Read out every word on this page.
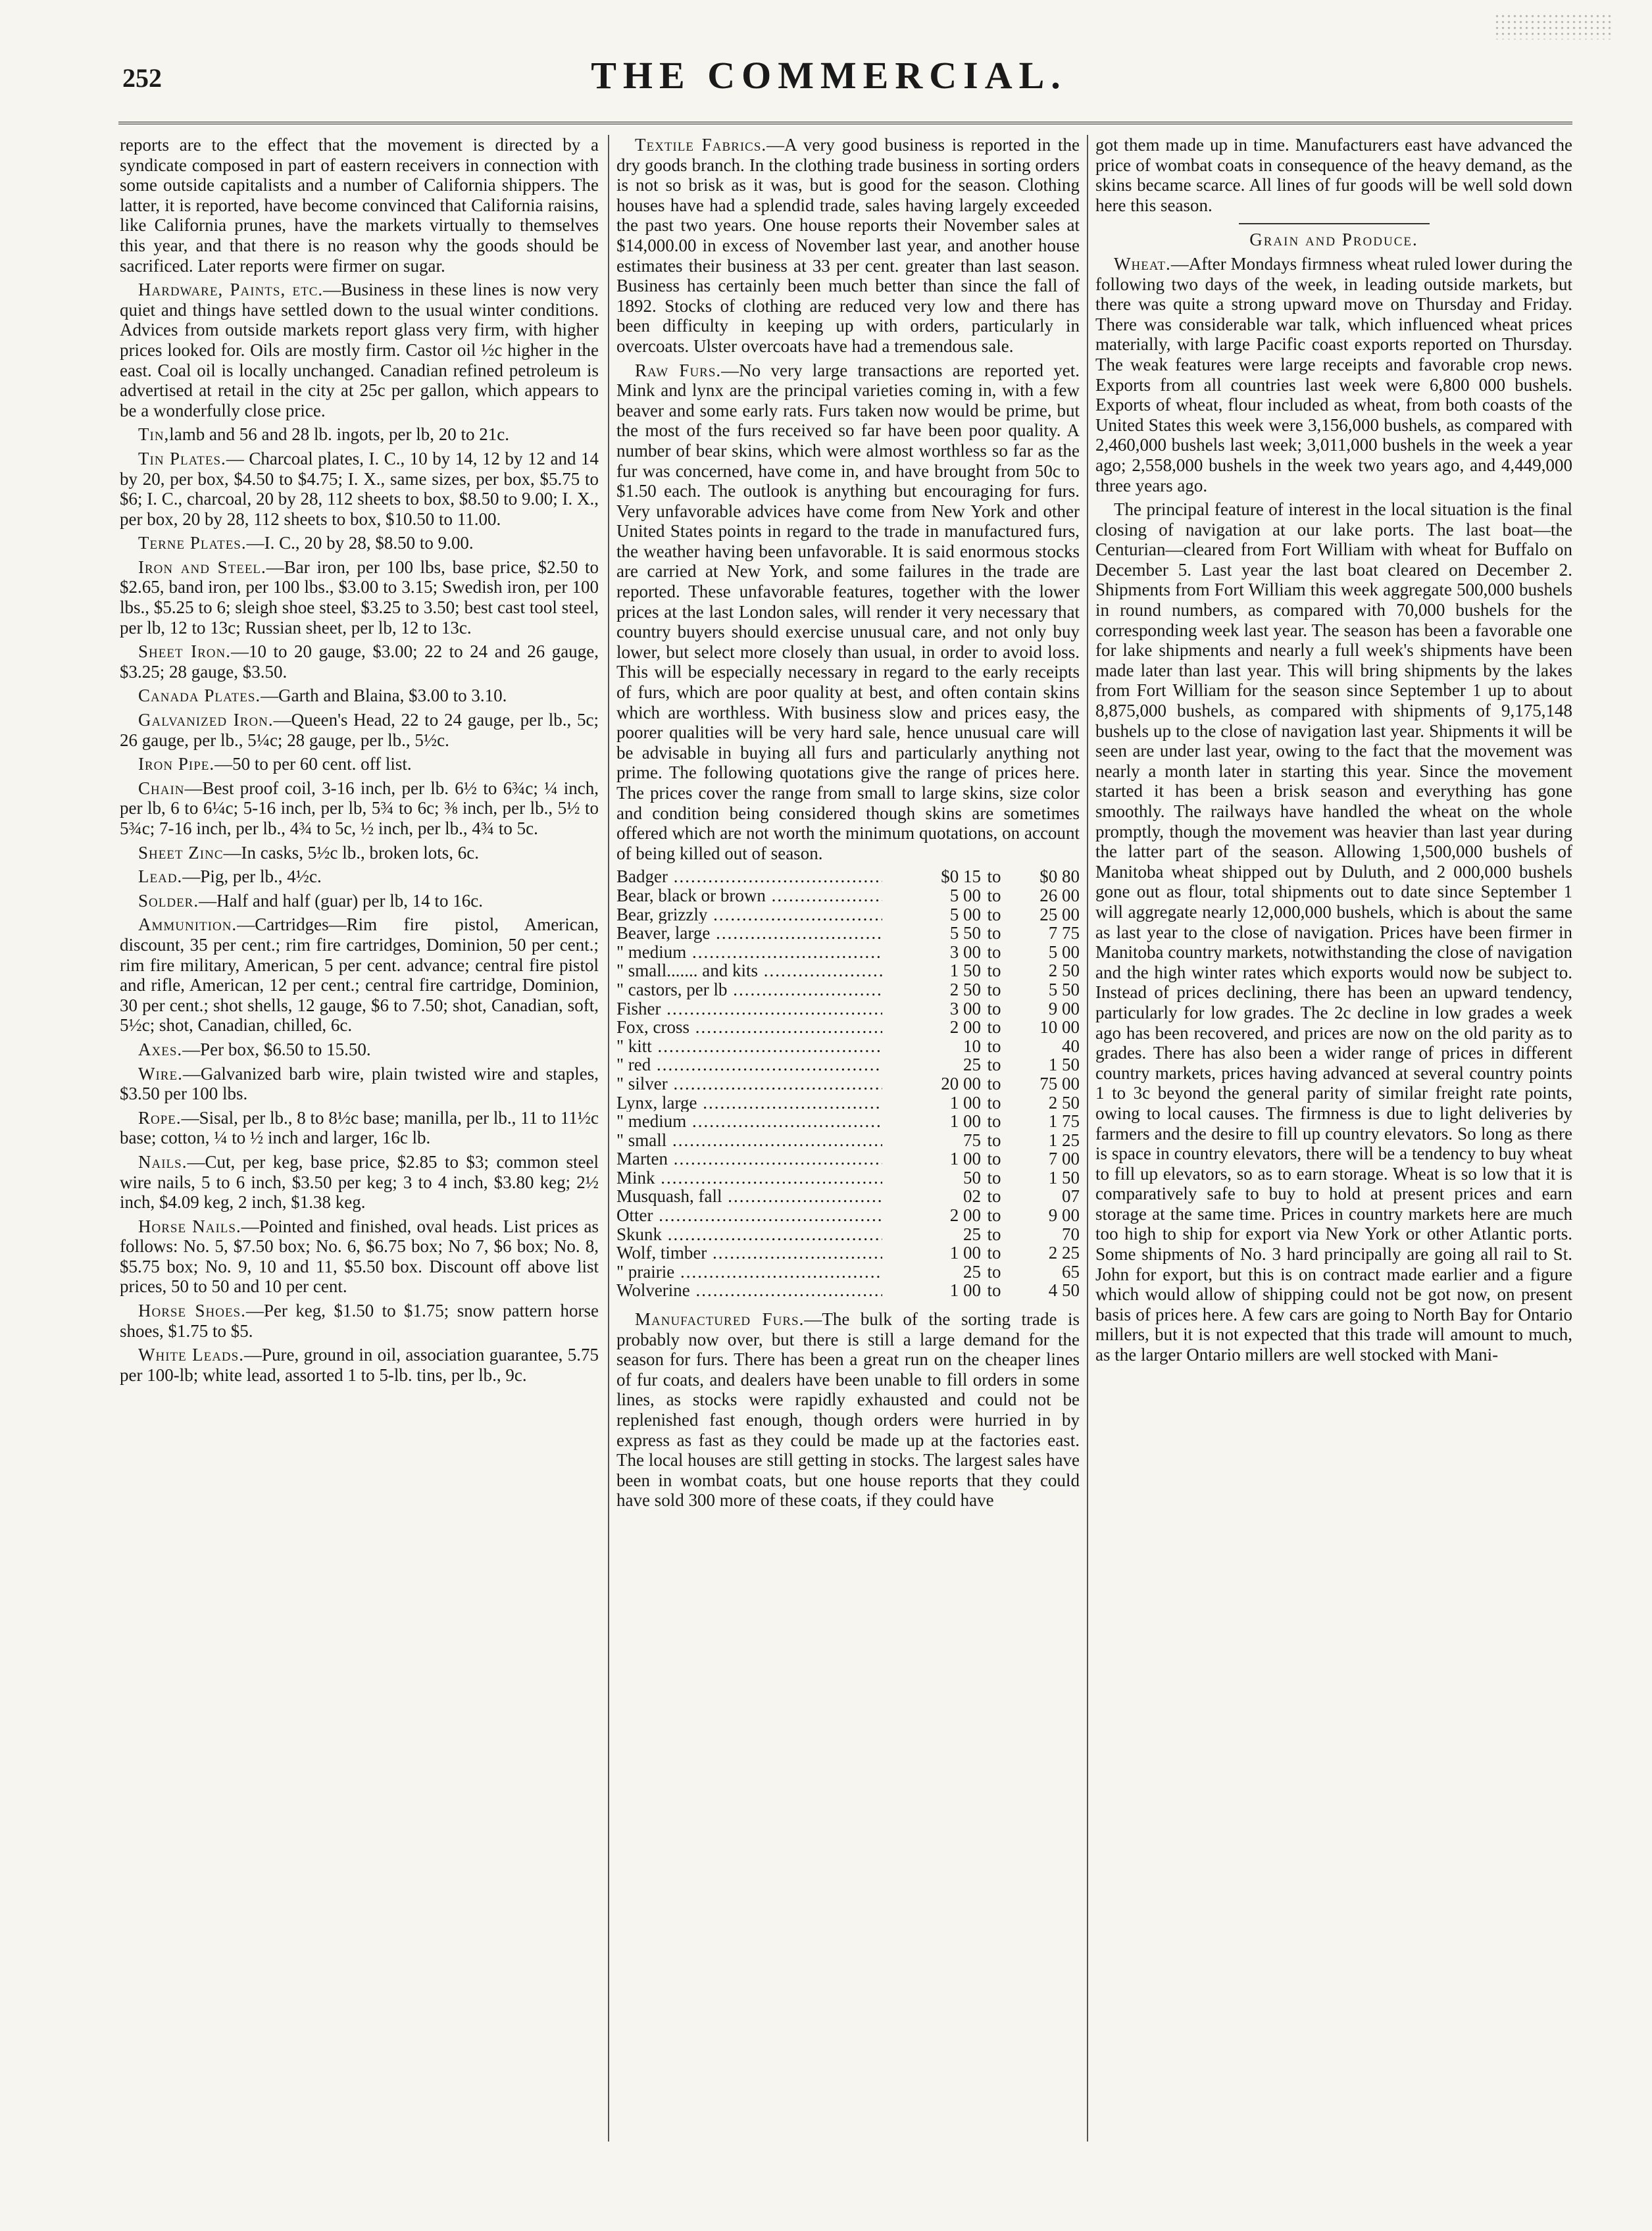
252	THE COMMERCIAL.

reports are to the effect that the movement is directed by a syndicate composed in part of eastern receivers in connection with some outside capitalists and a number of California shippers. The latter, it is reported, have become convinced that California raisins, like California prunes, have the markets virtually to themselves this year, and that there is no reason why the goods should be sacrificed. Later reports were firmer on sugar.

Hardware, Paints, etc.—Business in these lines is now very quiet and things have settled down to the usual winter conditions. Advices from outside markets report glass very firm, with higher prices looked for. Oils are mostly firm. Castor oil ½c higher in the east. Coal oil is locally unchanged. Canadian refined petroleum is advertised at retail in the city at 25c per gallon, which appears to be a wonderfully close price.

Tin,lamb and 56 and 28 lb. ingots, per lb, 20 to 21c.

Tin Plates.— Charcoal plates, I. C., 10 by 14, 12 by 12 and 14 by 20, per box, $4.50 to $4.75; I. X., same sizes, per box, $5.75 to $6; I. C., charcoal, 20 by 28, 112 sheets to box, $8.50 to 9.00; I. X., per box, 20 by 28, 112 sheets to box, $10.50 to 11.00.

Terne Plates.—I. C., 20 by 28, $8.50 to 9.00.

Iron and Steel.—Bar iron, per 100 lbs, base price, $2.50 to $2.65, band iron, per 100 lbs., $3.00 to 3.15; Swedish iron, per 100 lbs., $5.25 to 6; sleigh shoe steel, $3.25 to 3.50; best cast tool steel, per lb, 12 to 13c; Russian sheet, per lb, 12 to 13c.

Sheet Iron.—10 to 20 gauge, $3.00; 22 to 24 and 26 gauge, $3.25; 28 gauge, $3.50.

Canada Plates.—Garth and Blaina, $3.00 to 3.10.

Galvanized Iron.—Queen's Head, 22 to 24 gauge, per lb., 5c; 26 gauge, per lb., 5¼c; 28 gauge, per lb., 5½c.

Iron Pipe.—50 to per 60 cent. off list.

Chain—Best proof coil, 3-16 inch, per lb. 6½ to 6¾c; ¼ inch, per lb, 6 to 6¼c; 5-16 inch, per lb, 5¾ to 6c; ⅜ inch, per lb., 5½ to 5¾c; 7-16 inch, per lb., 4¾ to 5c, ½ inch, per lb., 4¾ to 5c.

Sheet Zinc—In casks, 5½c lb., broken lots, 6c.

Lead.—Pig, per lb., 4½c.

Solder.—Half and half (guar) per lb, 14 to 16c.

Ammunition.—Cartridges—Rim fire pistol, American, discount, 35 per cent.; rim fire cartridges, Dominion, 50 per cent.; rim fire military, American, 5 per cent. advance; central fire pistol and rifle, American, 12 per cent.; central fire cartridge, Dominion, 30 per cent.; shot shells, 12 gauge, $6 to 7.50; shot, Canadian, soft, 5½c; shot, Canadian, chilled, 6c.

Axes.—Per box, $6.50 to 15.50.

Wire.—Galvanized barb wire, plain twisted wire and staples, $3.50 per 100 lbs.

Rope.—Sisal, per lb., 8 to 8½c base; manilla, per lb., 11 to 11½c base; cotton, ¼ to ½ inch and larger, 16c lb.

Nails.—Cut, per keg, base price, $2.85 to $3; common steel wire nails, 5 to 6 inch, $3.50 per keg; 3 to 4 inch, $3.80 keg; 2½ inch, $4.09 keg, 2 inch, $1.38 keg.

Horse Nails.—Pointed and finished, oval heads. List prices as follows: No. 5, $7.50 box; No. 6, $6.75 box; No 7, $6 box; No. 8, $5.75 box; No. 9, 10 and 11, $5.50 box. Discount off above list prices, 50 to 50 and 10 per cent.

Horse Shoes.—Per keg, $1.50 to $1.75; snow pattern horse shoes, $1.75 to $5.

White Leads.—Pure, ground in oil, association guarantee, 5.75 per 100-lb; white lead, assorted 1 to 5-lb. tins, per lb., 9c.

Textile Fabrics.—A very good business is reported in the dry goods branch. In the clothing trade business in sorting orders is not so brisk as it was, but is good for the season. Clothing houses have had a splendid trade, sales having largely exceeded the past two years. One house reports their November sales at $14,000.00 in excess of November last year, and another house estimates their business at 33 per cent. greater than last season. Business has certainly been much better than since the fall of 1892. Stocks of clothing are reduced very low and there has been difficulty in keeping up with orders, particularly in overcoats. Ulster overcoats have had a tremendous sale.

Raw Furs.—No very large transactions are reported yet. Mink and lynx are the principal varieties coming in, with a few beaver and some early rats. Furs taken now would be prime, but the most of the furs received so far have been poor quality. A number of bear skins, which were almost worthless so far as the fur was concerned, have come in, and have brought from 50c to $1.50 each. The outlook is anything but encouraging for furs. Very unfavorable advices have come from New York and other United States points in regard to the trade in manufactured furs, the weather having been unfavorable. It is said enormous stocks are carried at New York, and some failures in the trade are reported. These unfavorable features, together with the lower prices at the last London sales, will render it very necessary that country buyers should exercise unusual care, and not only buy lower, but select more closely than usual, in order to avoid loss. This will be especially necessary in regard to the early receipts of furs, which are poor quality at best, and often contain skins which are worthless. With business slow and prices easy, the poorer qualities will be very hard sale, hence unusual care will be advisable in buying all furs and particularly anything not prime. The following quotations give the range of prices here. The prices cover the range from small to large skins, size color and condition being considered though skins are sometimes offered which are not worth the minimum quotations, on account of being killed out of season.

Badger .....	$0 15	to	$0 80
Bear, black or brown .....	5 00	to	26 00
Bear, grizzly .....	5 00	to	25 00
Beaver, large .....	5 50	to	7 75
" medium .....	3 00	to	5 00
" small....... and kits .....	1 50	to	2 50
" castors, per lb .....	2 50	to	5 50
Fisher .....	3 00	to	9 00
Fox, cross .....	2 00	to	10 00
" kitt .....	10	to	40
" red .....	25	to	1 50
" silver .....	20 00	to	75 00
Lynx, large .....	1 00	to	2 50
" medium .....	1 00	to	1 75
" small .....	75	to	1 25
Marten .....	1 00	to	7 00
Mink .....	50	to	1 50
Musquash, fall .....	02	to	07
Otter .....	2 00	to	9 00
Skunk .....	25	to	70
Wolf, timber .....	1 00	to	2 25
" prairie .....	25	to	65
Wolverine .....	1 00	to	4 50

Manufactured Furs.—The bulk of the sorting trade is probably now over, but there is still a large demand for the season for furs. There has been a great run on the cheaper lines of fur coats, and dealers have been unable to fill orders in some lines, as stocks were rapidly exhausted and could not be replenished fast enough, though orders were hurried in by express as fast as they could be made up at the factories east. The local houses are still getting in stocks. The largest sales have been in wombat coats, but one house reports that they could have sold 300 more of these coats, if they could have

got them made up in time. Manufacturers east have advanced the price of wombat coats in consequence of the heavy demand, as the skins became scarce. All lines of fur goods will be well sold down here this season.

Grain and Produce.

Wheat.—After Mondays firmness wheat ruled lower during the following two days of the week, in leading outside markets, but there was quite a strong upward move on Thursday and Friday. There was considerable war talk, which influenced wheat prices materially, with large Pacific coast exports reported on Thursday. The weak features were large receipts and favorable crop news. Exports from all countries last week were 6,800 000 bushels. Exports of wheat, flour included as wheat, from both coasts of the United States this week were 3,156,000 bushels, as compared with 2,460,000 bushels last week; 3,011,000 bushels in the week a year ago; 2,558,000 bushels in the week two years ago, and 4,449,000 three years ago.

The principal feature of interest in the local situation is the final closing of navigation at our lake ports. The last boat—the Centurian—cleared from Fort William with wheat for Buffalo on December 5. Last year the last boat cleared on December 2. Shipments from Fort William this week aggregate 500,000 bushels in round numbers, as compared with 70,000 bushels for the corresponding week last year. The season has been a favorable one for lake shipments and nearly a full week's shipments have been made later than last year. This will bring shipments by the lakes from Fort William for the season since September 1 up to about 8,875,000 bushels, as compared with shipments of 9,175,148 bushels up to the close of navigation last year. Shipments it will be seen are under last year, owing to the fact that the movement was nearly a month later in starting this year. Since the movement started it has been a brisk season and everything has gone smoothly. The railways have handled the wheat on the whole promptly, though the movement was heavier than last year during the latter part of the season. Allowing 1,500,000 bushels of Manitoba wheat shipped out by Duluth, and 2 000,000 bushels gone out as flour, total shipments out to date since September 1 will aggregate nearly 12,000,000 bushels, which is about the same as last year to the close of navigation. Prices have been firmer in Manitoba country markets, notwithstanding the close of navigation and the high winter rates which exports would now be subject to. Instead of prices declining, there has been an upward tendency, particularly for low grades. The 2c decline in low grades a week ago has been recovered, and prices are now on the old parity as to grades. There has also been a wider range of prices in different country markets, prices having advanced at several country points 1 to 3c beyond the general parity of similar freight rate points, owing to local causes. The firmness is due to light deliveries by farmers and the desire to fill up country elevators. So long as there is space in country elevators, there will be a tendency to buy wheat to fill up elevators, so as to earn storage. Wheat is so low that it is comparatively safe to buy to hold at present prices and earn storage at the same time. Prices in country markets here are much too high to ship for export via New York or other Atlantic ports. Some shipments of No. 3 hard principally are going all rail to St. John for export, but this is on contract made earlier and a figure which would allow of shipping could not be got now, on present basis of prices here. A few cars are going to North Bay for Ontario millers, but it is not expected that this trade will amount to much, as the larger Ontario millers are well stocked with Mani-
